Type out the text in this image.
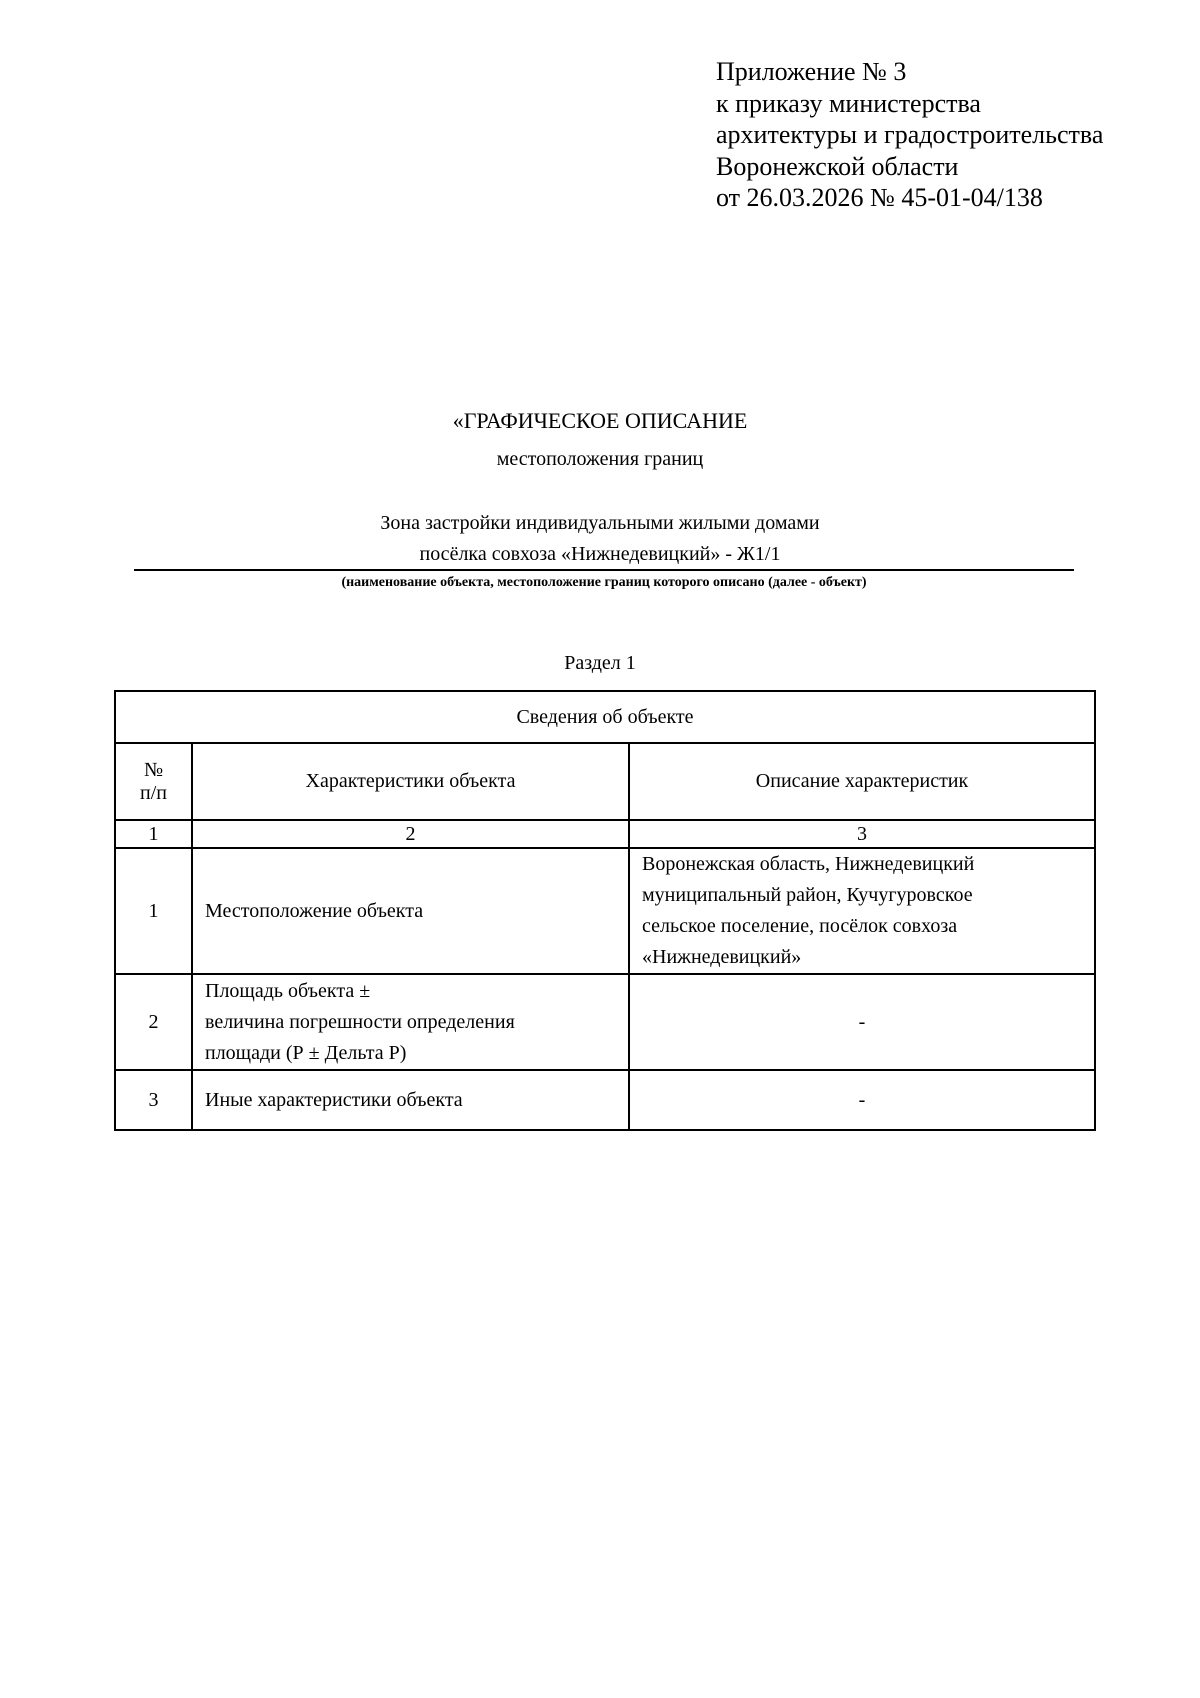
Приложение № 3
к приказу министерства
архитектуры и градостроительства
Воронежской области
от 26.03.2026 № 45-01-04/138
«ГРАФИЧЕСКОЕ ОПИСАНИЕ
местоположения границ
Зона застройки индивидуальными жилыми домами
посёлка совхоза «Нижнедевицкий» - Ж1/1
(наименование объекта, местоположение границ которого описано (далее - объект)
Раздел 1
Сведения об объекте		

№
п/п	Характеристики объекта	Описание характеристик
1	2	3
1	Местоположение объекта	Воронежская область, Нижнедевицкий
муниципальный район, Кучугуровское
сельское поселение, посёлок совхоза
«Нижнедевицкий»

2	Площадь объекта ±
величина погрешности определения
площади (Р ± Дельта Р)	-
3	Иные характеристики объекта	-
